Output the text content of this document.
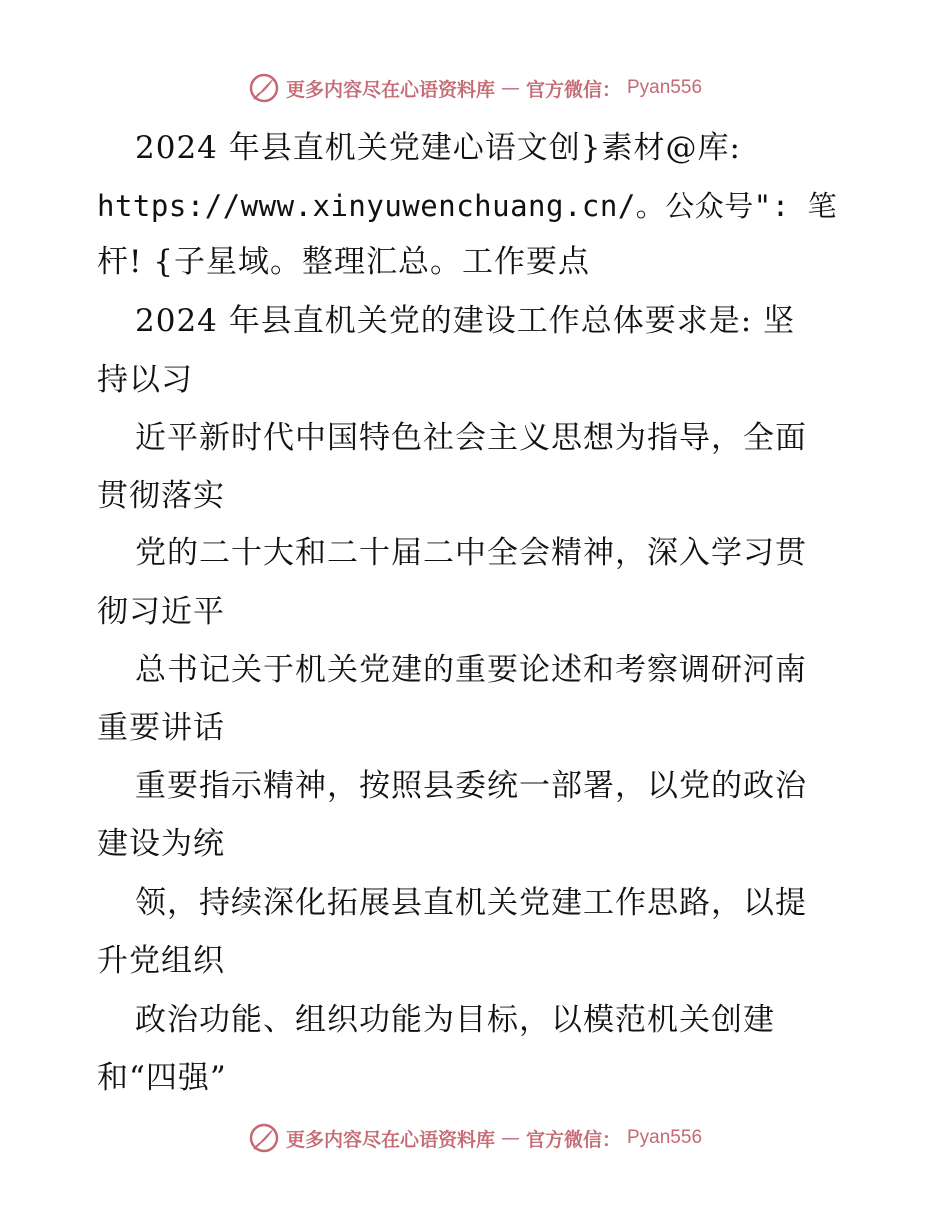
更多内容尽在心语资料库 — 官方微信： Pyan556
2024 年县直机关党建心语文创}素材@库:
https://www.xinyuwenchuang.cn/。公众号": 笔
杆! {子星域。整理汇总。工作要点
2024 年县直机关党的建设工作总体要求是: 坚
持以习
近平新时代中国特色社会主义思想为指导，全面
贯彻落实
党的二十大和二十届二中全会精神，深入学习贯
彻习近平
总书记关于机关党建的重要论述和考察调研河南
重要讲话
重要指示精神，按照县委统一部署，以党的政治
建设为统
领，持续深化拓展县直机关党建工作思路，以提
升党组织
政治功能、组织功能为目标，以模范机关创建
和“四强”
更多内容尽在心语资料库 — 官方微信： Pyan556
